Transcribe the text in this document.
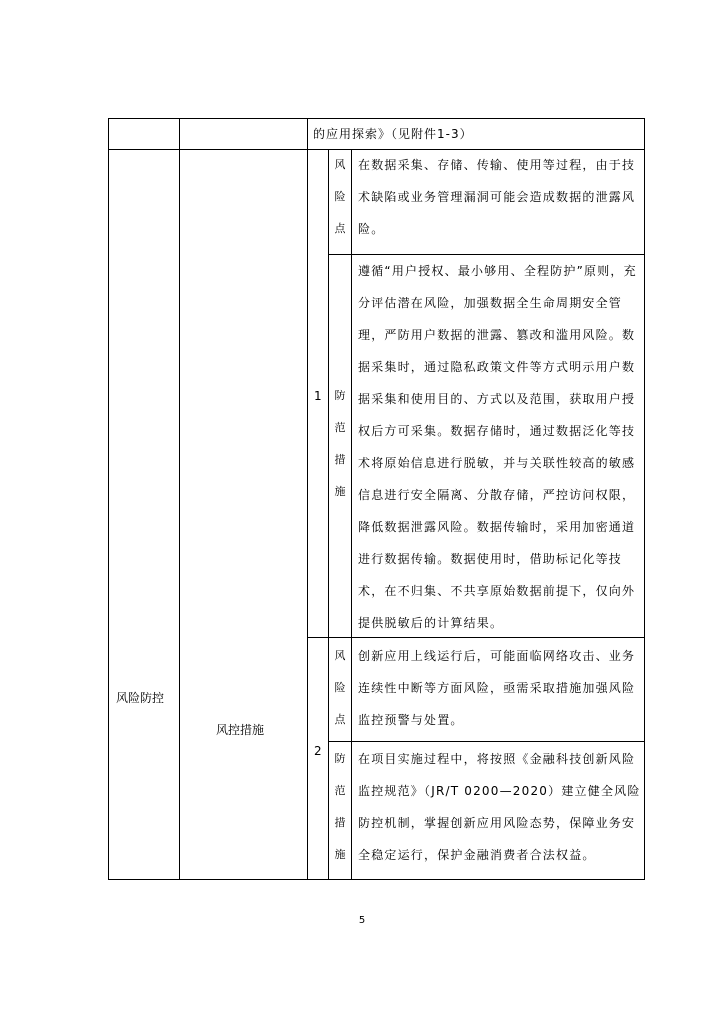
的应用探索》（见附件1-3）
风险防控
风控措施
1
2
风
险
点

在数据采集、存储、传输、使用等过程，由于技术缺陷或业务管理漏洞可能会造成数据的泄露风险。

防
范
措
施

遵循“用户授权、最小够用、全程防护”原则，充分评估潜在风险，加强数据全生命周期安全管理，严防用户数据的泄露、篡改和滥用风险。数据采集时，通过隐私政策文件等方式明示用户数据采集和使用目的、方式以及范围，获取用户授权后方可采集。数据存储时，通过数据泛化等技术将原始信息进行脱敏，并与关联性较高的敏感信息进行安全隔离、分散存储，严控访问权限，降低数据泄露风险。数据传输时，采用加密通道进行数据传输。数据使用时，借助标记化等技术，在不归集、不共享原始数据前提下，仅向外提供脱敏后的计算结果。

风
险
点

创新应用上线运行后，可能面临网络攻击、业务连续性中断等方面风险，亟需采取措施加强风险监控预警与处置。

防
范
措
施

在项目实施过程中，将按照《金融科技创新风险监控规范》（JR/T 0200—2020）建立健全风险防控机制，掌握创新应用风险态势，保障业务安全稳定运行，保护金融消费者合法权益。

5
